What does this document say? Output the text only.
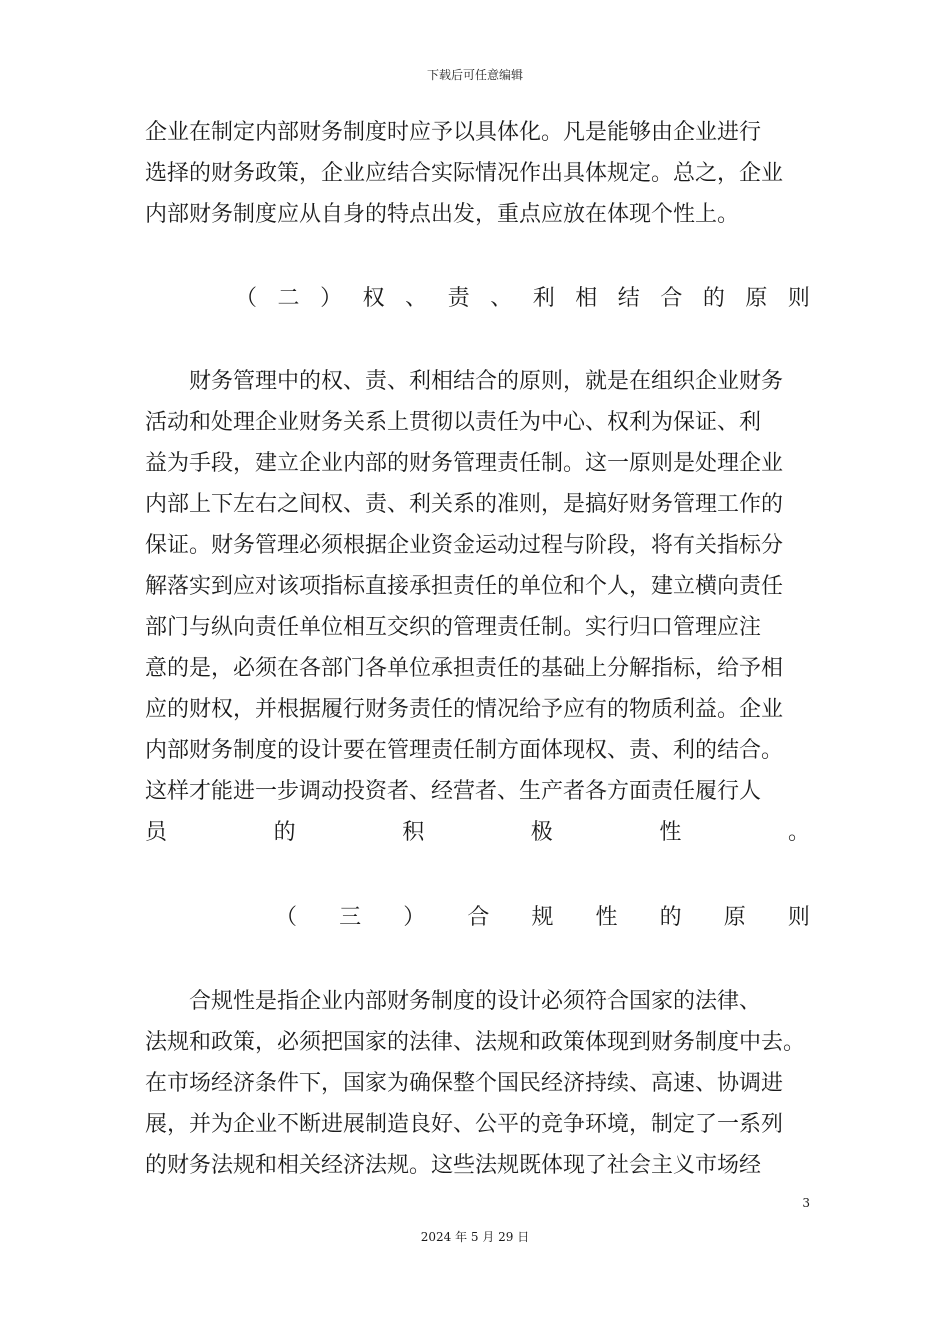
下载后可任意编辑
企业在制定内部财务制度时应予以具体化。凡是能够由企业进行
选择的财务政策，企业应结合实际情况作出具体规定。总之，企业
内部财务制度应从自身的特点出发，重点应放在体现个性上。
（ 二 ） 权 、 责 、 利 相 结 合 的 原 则
　　财务管理中的权、责、利相结合的原则，就是在组织企业财务
活动和处理企业财务关系上贯彻以责任为中心、权利为保证、利
益为手段，建立企业内部的财务管理责任制。这一原则是处理企业
内部上下左右之间权、责、利关系的准则，是搞好财务管理工作的
保证。财务管理必须根据企业资金运动过程与阶段，将有关指标分
解落实到应对该项指标直接承担责任的单位和个人，建立横向责任
部门与纵向责任单位相互交织的管理责任制。实行归口管理应注
意的是，必须在各部门各单位承担责任的基础上分解指标，给予相
应的财权，并根据履行财务责任的情况给予应有的物质利益。企业
内部财务制度的设计要在管理责任制方面体现权、责、利的结合。
这样才能进一步调动投资者、经营者、生产者各方面责任履行人
员	的	积	极	性	。
（ 三 ） 合 规 性 的 原 则
　　合规性是指企业内部财务制度的设计必须符合国家的法律、
法规和政策，必须把国家的法律、法规和政策体现到财务制度中去。
在市场经济条件下，国家为确保整个国民经济持续、高速、协调进
展，并为企业不断进展制造良好、公平的竞争环境，制定了一系列
的财务法规和相关经济法规。这些法规既体现了社会主义市场经
3
2024 年 5 月 29 日
